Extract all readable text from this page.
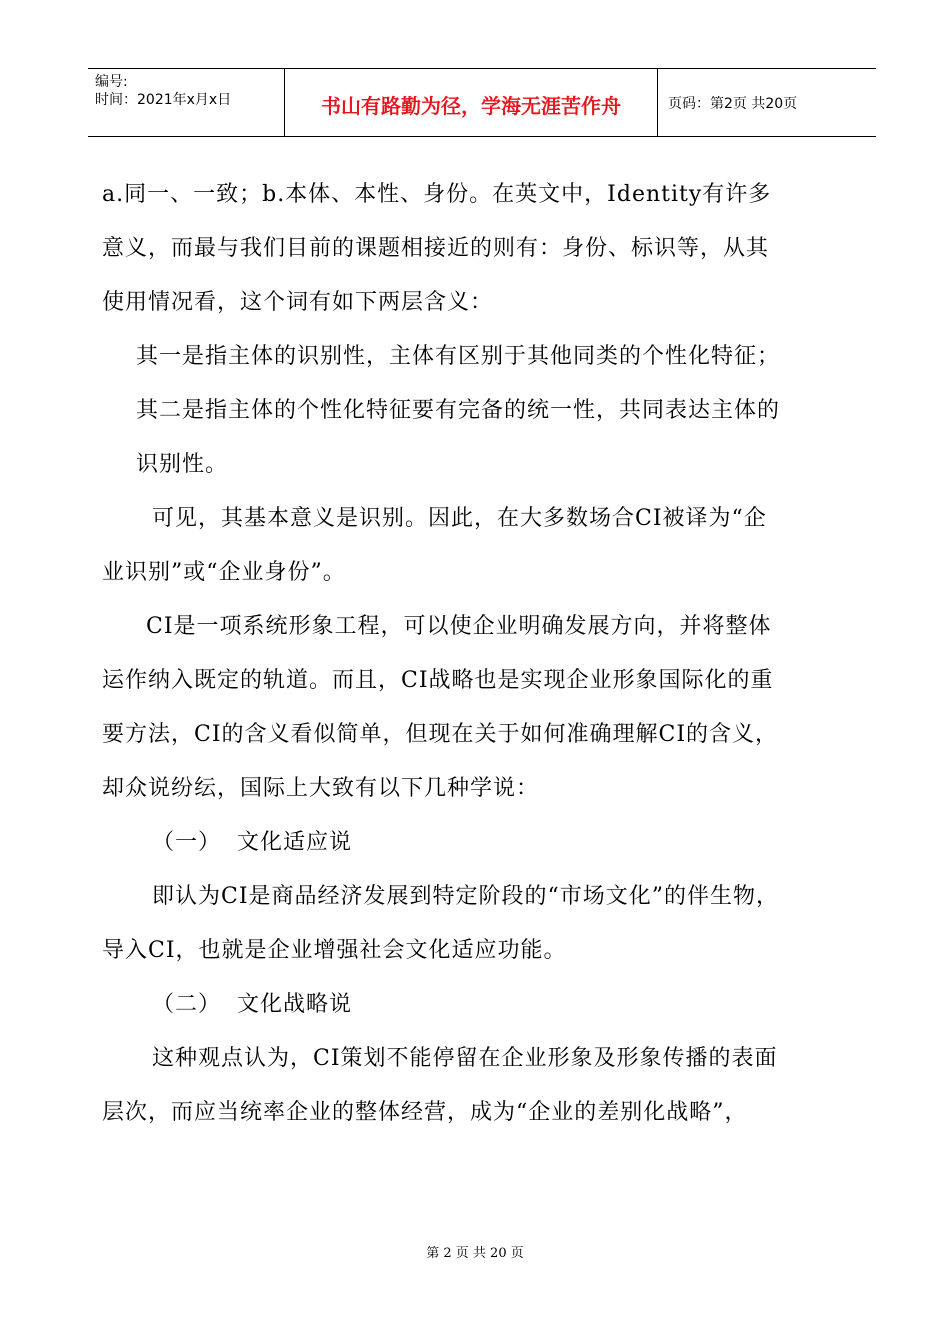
编号:
时间：2021年x月x日	书山有路勤为径，学海无涯苦作舟	页码：第2页 共20页

a.同一、一致；b.本体、本性、身份。在英文中，Identity有许多

意义，而最与我们目前的课题相接近的则有：身份、标识等，从其

使用情况看，这个词有如下两层含义：

其一是指主体的识别性，主体有区别于其他同类的个性化特征；

其二是指主体的个性化特征要有完备的统一性，共同表达主体的

识别性。

可见，其基本意义是识别。因此，在大多数场合CI被译为“企

业识别”或“企业身份”。

CI是一项系统形象工程，可以使企业明确发展方向，并将整体

运作纳入既定的轨道。而且，CI战略也是实现企业形象国际化的重

要方法，CI的含义看似简单，但现在关于如何准确理解CI的含义，

却众说纷纭，国际上大致有以下几种学说：

（一）  文化适应说

即认为CI是商品经济发展到特定阶段的“市场文化”的伴生物，

导入CI，也就是企业增强社会文化适应功能。

（二）  文化战略说

这种观点认为，CI策划不能停留在企业形象及形象传播的表面

层次，而应当统率企业的整体经营，成为“企业的差别化战略”，

第 2 页 共 20 页
